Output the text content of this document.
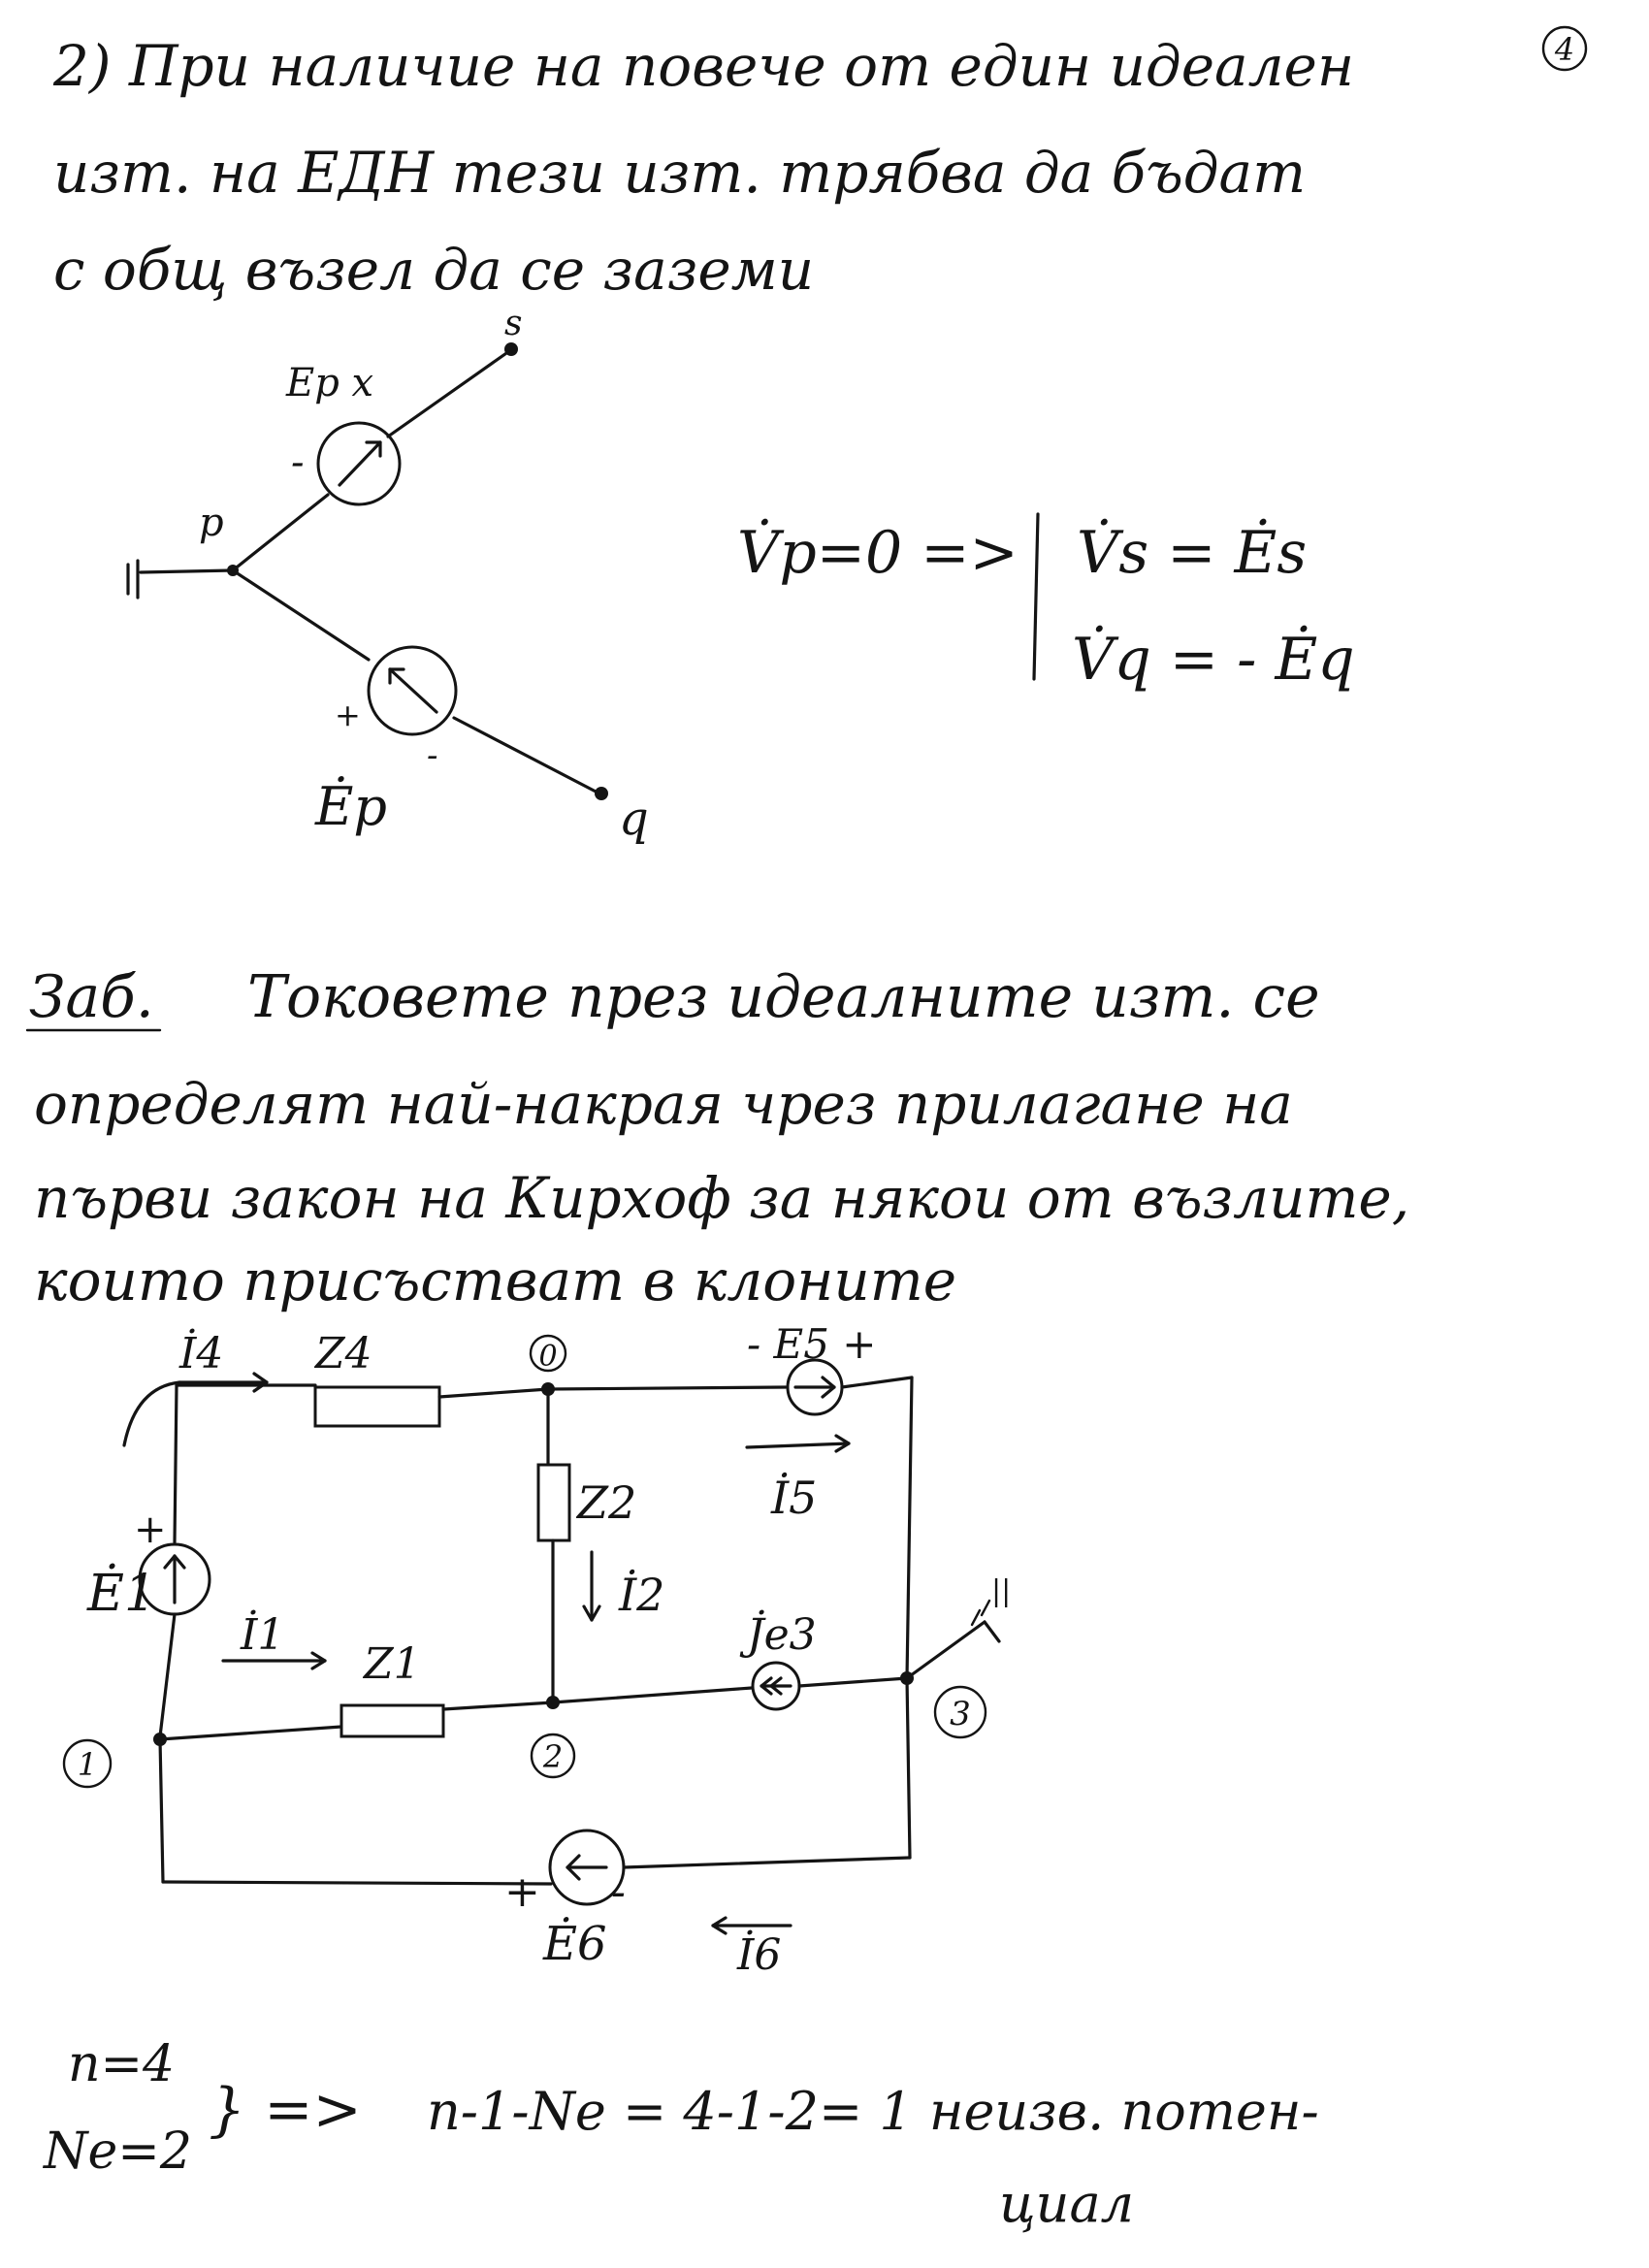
4
2) При наличие на повече от един идеален
изт. на ЕДН тези изт. трябва да бъдат
с общ възел да се заземи
s
Ep x
-
p
q
+
-
Ėp
V̇p=0 => V̇s = Ės
V̇q = - Ėq
Заб. Токовете през идеалните изт. се
определят най-накрая чрез прилагане на
първи закон на Кирхоф за някои от възлите,
които присъстват в клоните
İ4 Z4	0	- E5 +
İ5
Z2
İ2
+
Ė1
İ1
Z1
J̇e3
1	2
3
+ -
Ė6	İ6
||
n=4
Ne=2
} => n-1-Ne = 4-1-2= 1 неизв. потен-
циал
